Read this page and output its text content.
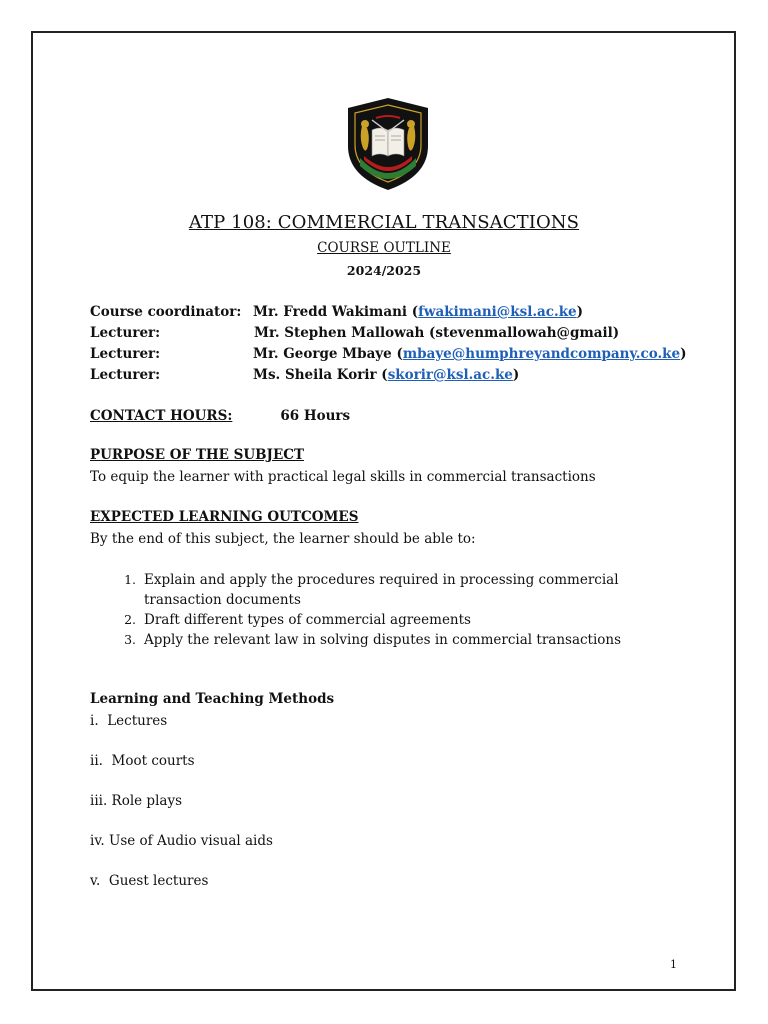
ATP 108: COMMERCIAL TRANSACTIONS
COURSE OUTLINE
2024/2025
Course coordinator: Mr. Fredd Wakimani ( fwakimani@ksl.ac.ke )
Lecturer:	Mr. Stephen Mallowah (stevenmallowah@gmail)
Lecturer:	Mr. George Mbaye ( mbaye@humphreyandcompany.co.ke )
Lecturer:	Ms. Sheila Korir ( skorir@ksl.ac.ke )
CONTACT HOURS:	66 Hours
PURPOSE OF THE SUBJECT
To equip the learner with practical legal skills in commercial transactions
EXPECTED LEARNING OUTCOMES
By the end of this subject, the learner should be able to:
1. Explain and apply the procedures required in processing commercial transaction documents
2. Draft different types of commercial agreements
3. Apply the relevant law in solving disputes in commercial transactions
Learning and Teaching Methods
i. Lectures
ii. Moot courts
iii. Role plays
iv. Use of Audio visual aids
v. Guest lectures
1
